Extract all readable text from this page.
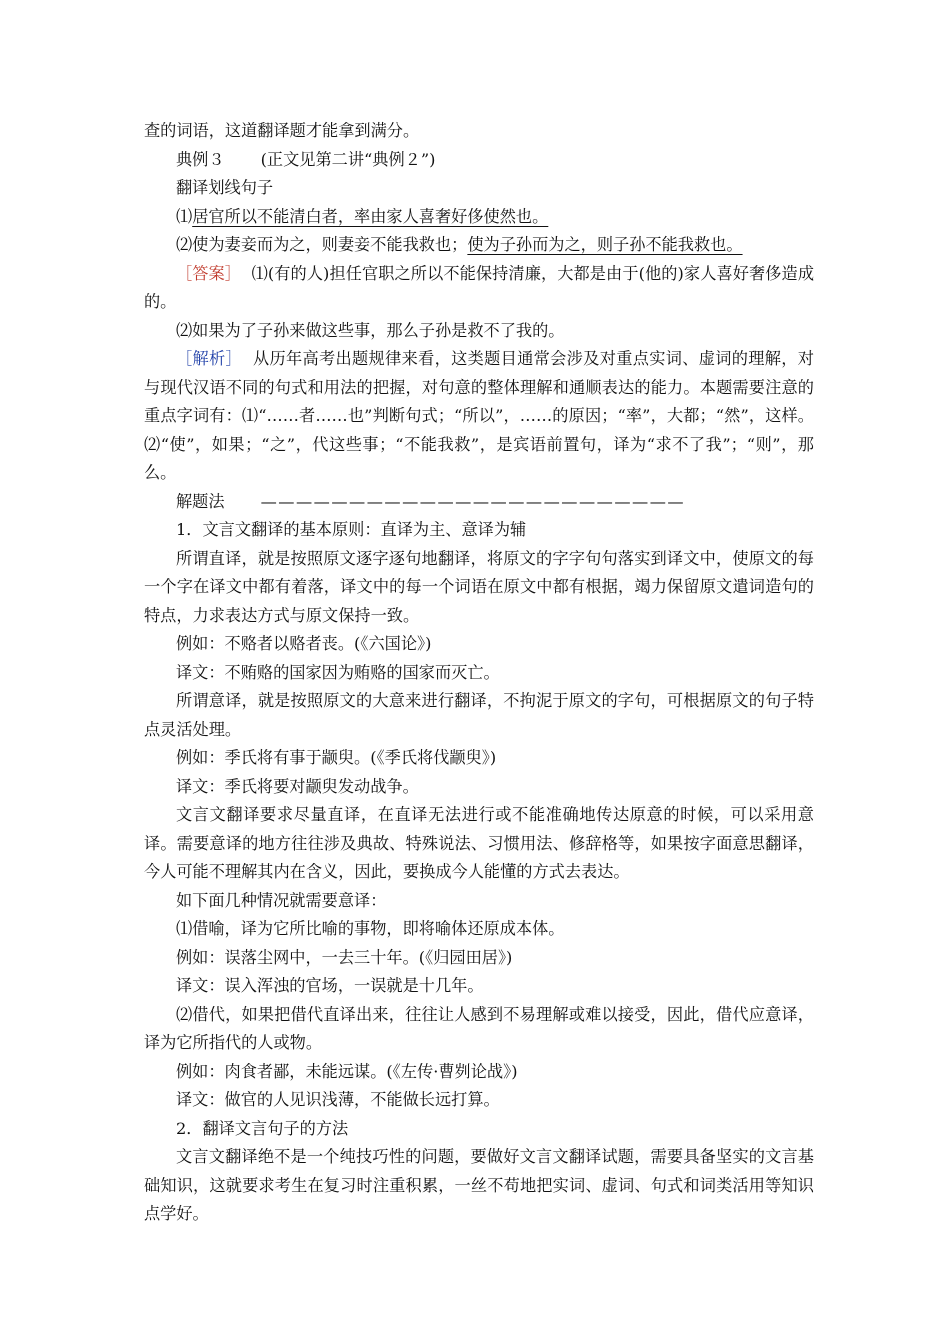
查的词语，这道翻译题才能拿到满分。

典例３ (正文见第二讲“典例２”)

翻译划线句子

⑴居官所以不能清白者，率由家人喜奢好侈使然也。

⑵使为妻妾而为之，则妻妾不能我救也；使为子孙而为之，则子孙不能我救也。

［答案］ ⑴(有的人)担任官职之所以不能保持清廉，大都是由于(他的)家人喜好奢侈造成的。

⑵如果为了子孙来做这些事，那么子孙是救不了我的。

［解析］ 从历年高考出题规律来看，这类题目通常会涉及对重点实词、虚词的理解，对与现代汉语不同的句式和用法的把握，对句意的整体理解和通顺表达的能力。本题需要注意的重点字词有：⑴“……者……也”判断句式；“所以”，……的原因；“率”，大都；“然”，这样。⑵“使”，如果；“之”，代这些事；“不能我救”，是宾语前置句，译为“求不了我”；“则”，那么。

解题法 ————————————————————————

1．文言文翻译的基本原则：直译为主、意译为辅

所谓直译，就是按照原文逐字逐句地翻译，将原文的字字句句落实到译文中，使原文的每一个字在译文中都有着落，译文中的每一个词语在原文中都有根据，竭力保留原文遣词造句的特点，力求表达方式与原文保持一致。

例如：不赂者以赂者丧。(《六国论》)

译文：不贿赂的国家因为贿赂的国家而灭亡。

所谓意译，就是按照原文的大意来进行翻译，不拘泥于原文的字句，可根据原文的句子特点灵活处理。

例如：季氏将有事于颛臾。(《季氏将伐颛臾》)

译文：季氏将要对颛臾发动战争。

文言文翻译要求尽量直译，在直译无法进行或不能准确地传达原意的时候，可以采用意译。需要意译的地方往往涉及典故、特殊说法、习惯用法、修辞格等，如果按字面意思翻译，今人可能不理解其内在含义，因此，要换成今人能懂的方式去表达。

如下面几种情况就需要意译：

⑴借喻，译为它所比喻的事物，即将喻体还原成本体。

例如：误落尘网中，一去三十年。(《归园田居》)

译文：误入浑浊的官场，一误就是十几年。

⑵借代，如果把借代直译出来，往往让人感到不易理解或难以接受，因此，借代应意译，译为它所指代的人或物。

例如：肉食者鄙，未能远谋。(《左传·曹刿论战》)

译文：做官的人见识浅薄，不能做长远打算。

2．翻译文言句子的方法

文言文翻译绝不是一个纯技巧性的问题，要做好文言文翻译试题，需要具备坚实的文言基础知识，这就要求考生在复习时注重积累，一丝不苟地把实词、虚词、句式和词类活用等知识点学好。
